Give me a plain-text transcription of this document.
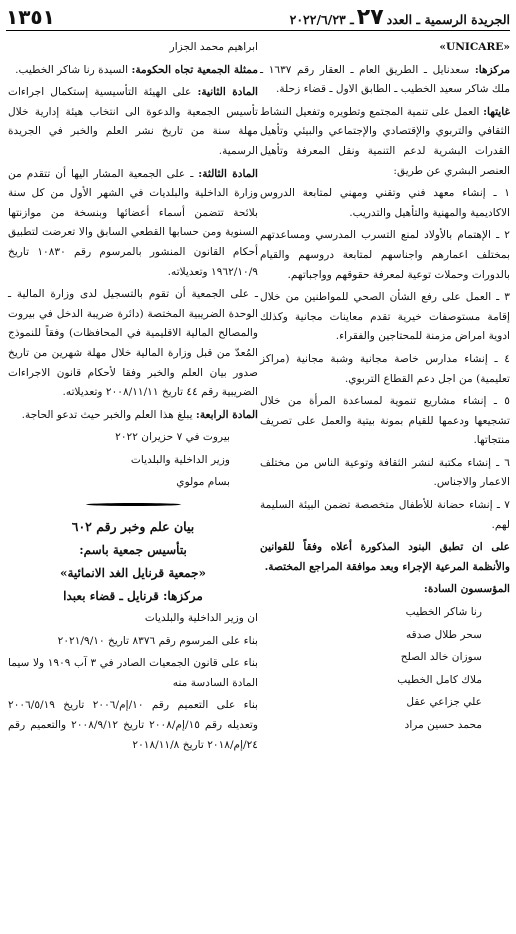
الجريدة الرسمية ـ العدد٢٧ـ ٢٠٢٢/٦/٢٣
١٣٥١

«UNICARE»

مركزها: سعدنايل ـ الطريق العام ـ العقار رقم ١٦٣٧ ـ ملك شاكر سعيد الخطيب ـ الطابق الاول ـ قضاء زحلة.

غايتها: العمل على تنمية المجتمع وتطويره وتفعيل النشاط الثقافي والتربوي والإقتصادي والإجتماعي والبيئي وتأهيل القدرات البشرية لدعم التنمية ونقل المعرفة وتأهيل العنصر البشري عن طريق:

١ ـ إنشاء معهد فني وتقني ومهني لمتابعة الدروس الاكاديمية والمهنية والتأهيل والتدريب.

٢ ـ الإهتمام بالأولاد لمنع التسرب المدرسي ومساعدتهم بمختلف اعمارهم واجناسهم لمتابعة دروسهم والقيام بالدورات وحملات توعية لمعرفة حقوقهم وواجباتهم.

٣ ـ العمل على رفع الشأن الصحي للمواطنين من خلال إقامة مستوصفات خيرية تقدم معاينات مجانية وكذلك ادوية امراض مزمنة للمحتاجين والفقراء.

٤ ـ إنشاء مدارس خاصة مجانية وشبة مجانية (مراكز تعليمية) من اجل دعم القطاع التربوي.

٥ ـ إنشاء مشاريع تنموية لمساعدة المرأة من خلال تشجيعها ودعمها للقيام بمونة بيتية والعمل على تصريف منتجاتها.

٦ ـ إنشاء مكتبة لنشر الثقافة وتوعية الناس من مختلف الاعمار والاجناس.

٧ ـ إنشاء حضانة للأطفال متخصصة تضمن البيئة السليمة لهم.

على ان تطبق البنود المذكورة أعلاه وفقاً للقوانين والأنظمة المرعية الإجراء وبعد موافقة المراجع المختصة.

المؤسسون السادة:

رنا شاكر الخطيب

سحر طلال صدقه

سوزان خالد الصلح

ملاك كامل الخطيب

علي جزاعي عقل

محمد حسين مراد

ابراهيم محمد الجزار

ممثلة الجمعية تجاه الحكومة: السيدة رنا شاكر الخطيب.

المادة الثانية: على الهيئة التأسيسية إستكمال اجراءات تأسيس الجمعية والدعوة الى انتخاب هيئة إدارية خلال مهلة سنة من تاريخ نشر العلم والخبر في الجريدة الرسمية.

المادة الثالثة: ـ على الجمعية المشار اليها أن تتقدم من وزارة الداخلية والبلديات في الشهر الأول من كل سنة بلائحة تتضمن أسماء أعضائها وبنسخة من موازنتها السنوية ومن حسابها القطعي السابق والا تعرضت لتطبيق أحكام القانون المنشور بالمرسوم رقم ١٠٨٣٠ تاريخ ١٩٦٢/١٠/٩ وتعديلاته.

ـ على الجمعية أن تقوم بالتسجيل لدى وزارة المالية ـ الوحدة الضريبية المختصة (دائرة ضريبة الدخل في بيروت والمصالح المالية الاقليمية في المحافظات) وفقاً للنموذج المُعدّ من قبل وزارة المالية خلال مهلة شهرين من تاريخ صدور بيان العلم والخبر وفقا لأحكام قانون الاجراءات الضريبية رقم ٤٤ تاريخ ٢٠٠٨/١١/١١ وتعديلاته.

المادة الرابعة: يبلغ هذا العلم والخبر حيث تدعو الحاجة.

بيروت في ٧ حزيران ٢٠٢٢

وزير الداخلية والبلديات

بسام مولوي

بيان علم وخبر رقم ٦٠٢

بتأسيس جمعية باسم:

«جمعية قرنايل الغد الانمائية»

مركزها: قرنايل ـ قضاء بعبدا

ان وزير الداخلية والبلديات

بناء على المرسوم رقم ٨٣٧٦ تاريخ ٢٠٢١/٩/١٠

بناء على قانون الجمعيات الصادر في ٣ آب ١٩٠٩ ولا سيما المادة السادسة منه

بناء على التعميم رقم ١٠/إم/٢٠٠٦ تاريخ ٢٠٠٦/٥/١٩ وتعديله رقم ١٥/إم/٢٠٠٨ تاريخ ٢٠٠٨/٩/١٢ والتعميم رقم ٢٤/إم/٢٠١٨ تاريخ ٢٠١٨/١١/٨
